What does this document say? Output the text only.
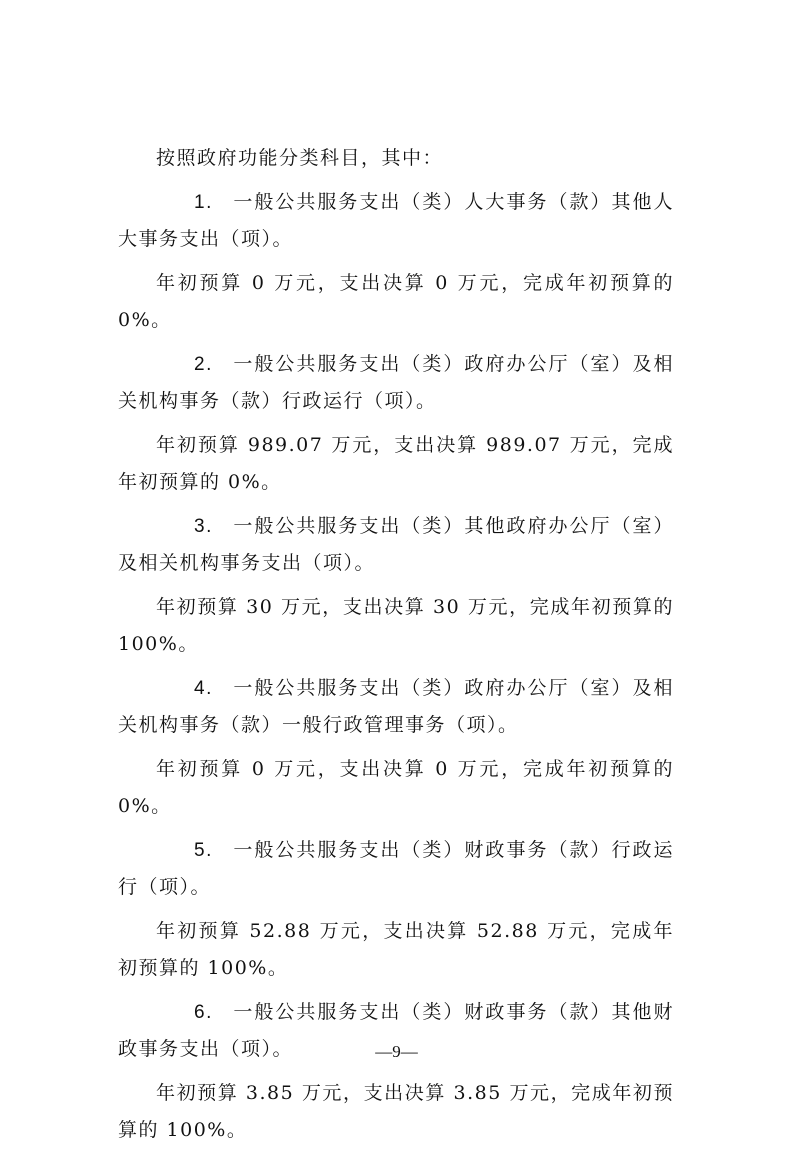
按照政府功能分类科目，其中：

1. 一般公共服务支出（类）人大事务（款）其他人大事务支出（项）。

年初预算 0 万元，支出决算 0 万元，完成年初预算的 0%。

2. 一般公共服务支出（类）政府办公厅（室）及相关机构事务（款）行政运行（项）。

年初预算 989.07 万元，支出决算 989.07 万元，完成年初预算的 0%。

3. 一般公共服务支出（类）其他政府办公厅（室）及相关机构事务支出（项）。

年初预算 30 万元，支出决算 30 万元，完成年初预算的 100%。

4. 一般公共服务支出（类）政府办公厅（室）及相关机构事务（款）一般行政管理事务（项）。

年初预算 0 万元，支出决算 0 万元，完成年初预算的 0%。

5. 一般公共服务支出（类）财政事务（款）行政运行（项）。

年初预算 52.88 万元，支出决算 52.88 万元，完成年初预算的 100%。

6. 一般公共服务支出（类）财政事务（款）其他财政事务支出（项）。

年初预算 3.85 万元，支出决算 3.85 万元，完成年初预算的 100%。

—9—
